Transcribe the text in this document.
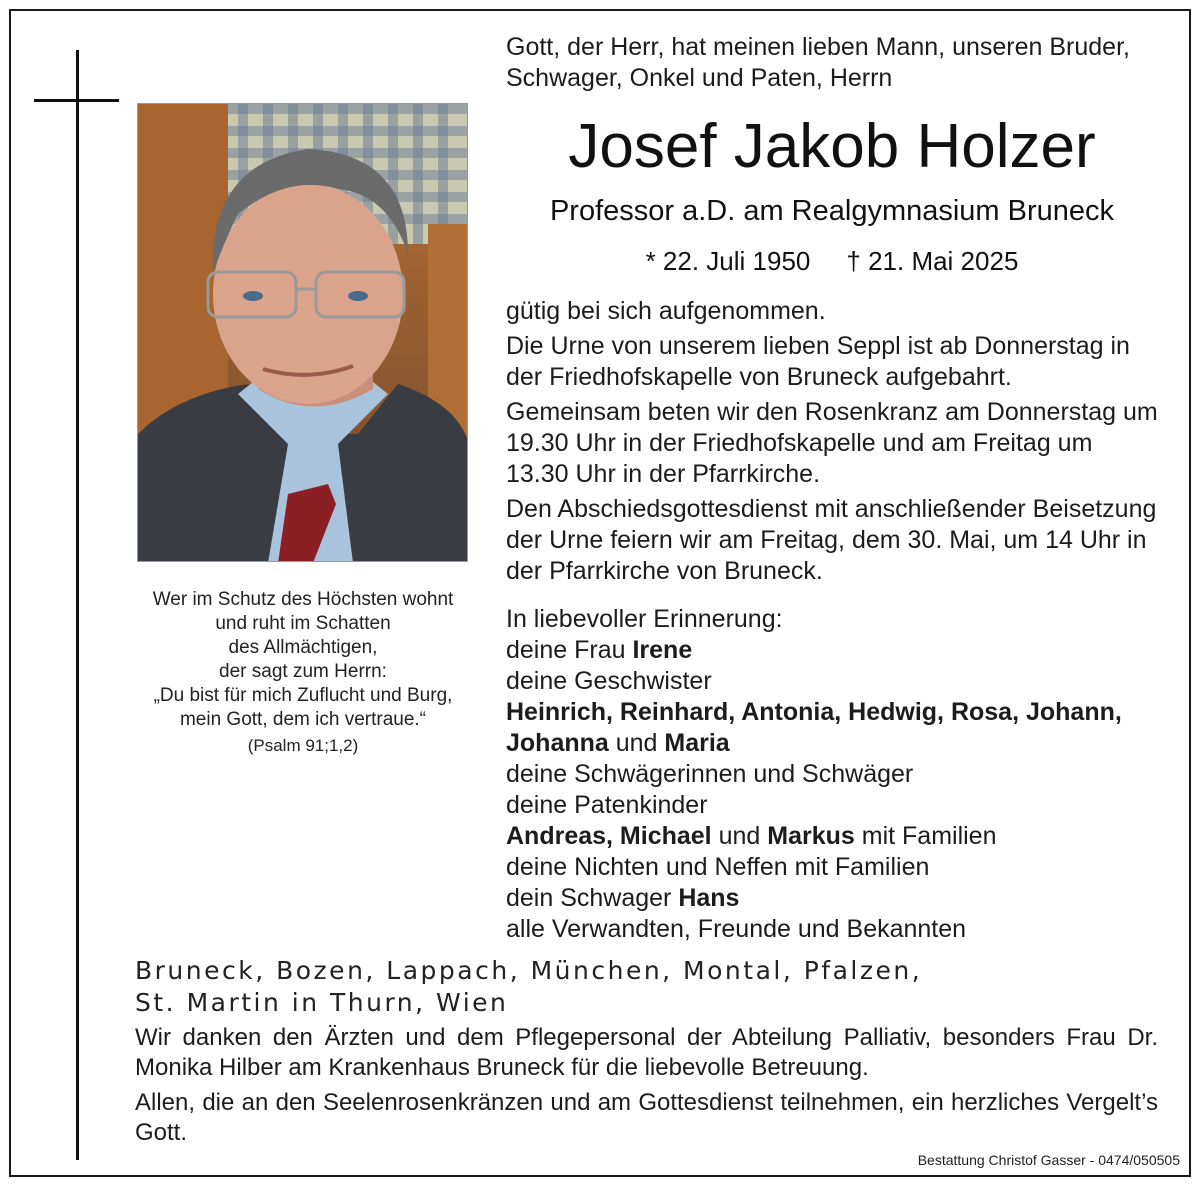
Gott, der Herr, hat meinen lieben Mann, unseren Bruder,
Schwager, Onkel und Paten, Herrn
Josef Jakob Holzer
Professor a.D. am Realgymnasium Bruneck
* 22. Juli 1950 † 21. Mai 2025

gütig bei sich aufgenommen.

Die Urne von unserem lieben Seppl ist ab Donnerstag in der Friedhofskapelle von Bruneck aufgebahrt.

Gemeinsam beten wir den Rosenkranz am Donnerstag um 19.30 Uhr in der Friedhofskapelle und am Freitag um 13.30 Uhr in der Pfarrkirche.

Den Abschiedsgottesdienst mit anschließender Beisetzung der Urne feiern wir am Freitag, dem 30. Mai, um 14 Uhr in der Pfarrkirche von Bruneck.

In liebevoller Erinnerung:
deine Frau Irene
deine Geschwister
Heinrich, Reinhard, Antonia, Hedwig, Rosa, Johann,
Johanna und Maria
deine Schwägerinnen und Schwäger
deine Patenkinder
Andreas, Michael und Markus mit Familien
deine Nichten und Neffen mit Familien
dein Schwager Hans
alle Verwandten, Freunde und Bekannten
Wer im Schutz des Höchsten wohnt
und ruht im Schatten
des Allmächtigen,
der sagt zum Herrn:
„Du bist für mich Zuflucht und Burg,
mein Gott, dem ich vertraue.“
(Psalm 91;1,2)
Bruneck, Bozen, Lappach, München, Montal, Pfalzen,
St. Martin in Thurn, Wien

Wir danken den Ärzten und dem Pflegepersonal der Abteilung Palliativ, besonders Frau Dr. Monika Hilber am Krankenhaus Bruneck für die liebevolle Betreuung.

Allen, die an den Seelenrosenkränzen und am Gottesdienst teilnehmen, ein herzliches Vergelt’s Gott.

Bestattung Christof Gasser - 0474/050505
